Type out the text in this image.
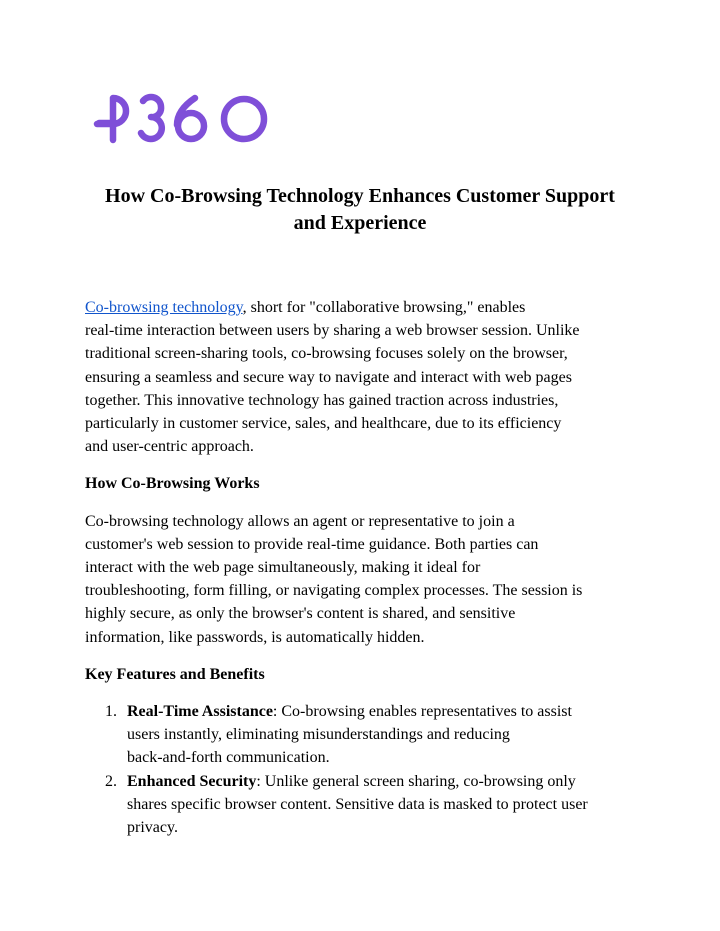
How Co-Browsing Technology Enhances Customer Support
and Experience

Co-browsing technology, short for "collaborative browsing," enables
real-time interaction between users by sharing a web browser session. Unlike
traditional screen-sharing tools, co-browsing focuses solely on the browser,
ensuring a seamless and secure way to navigate and interact with web pages
together. This innovative technology has gained traction across industries,
particularly in customer service, sales, and healthcare, due to its efficiency
and user-centric approach.

How Co-Browsing Works

Co-browsing technology allows an agent or representative to join a
customer's web session to provide real-time guidance. Both parties can
interact with the web page simultaneously, making it ideal for
troubleshooting, form filling, or navigating complex processes. The session is
highly secure, as only the browser's content is shared, and sensitive
information, like passwords, is automatically hidden.

Key Features and Benefits

1. Real-Time Assistance: Co-browsing enables representatives to assist
users instantly, eliminating misunderstandings and reducing
back-and-forth communication.
2. Enhanced Security: Unlike general screen sharing, co-browsing only
shares specific browser content. Sensitive data is masked to protect user
privacy.
